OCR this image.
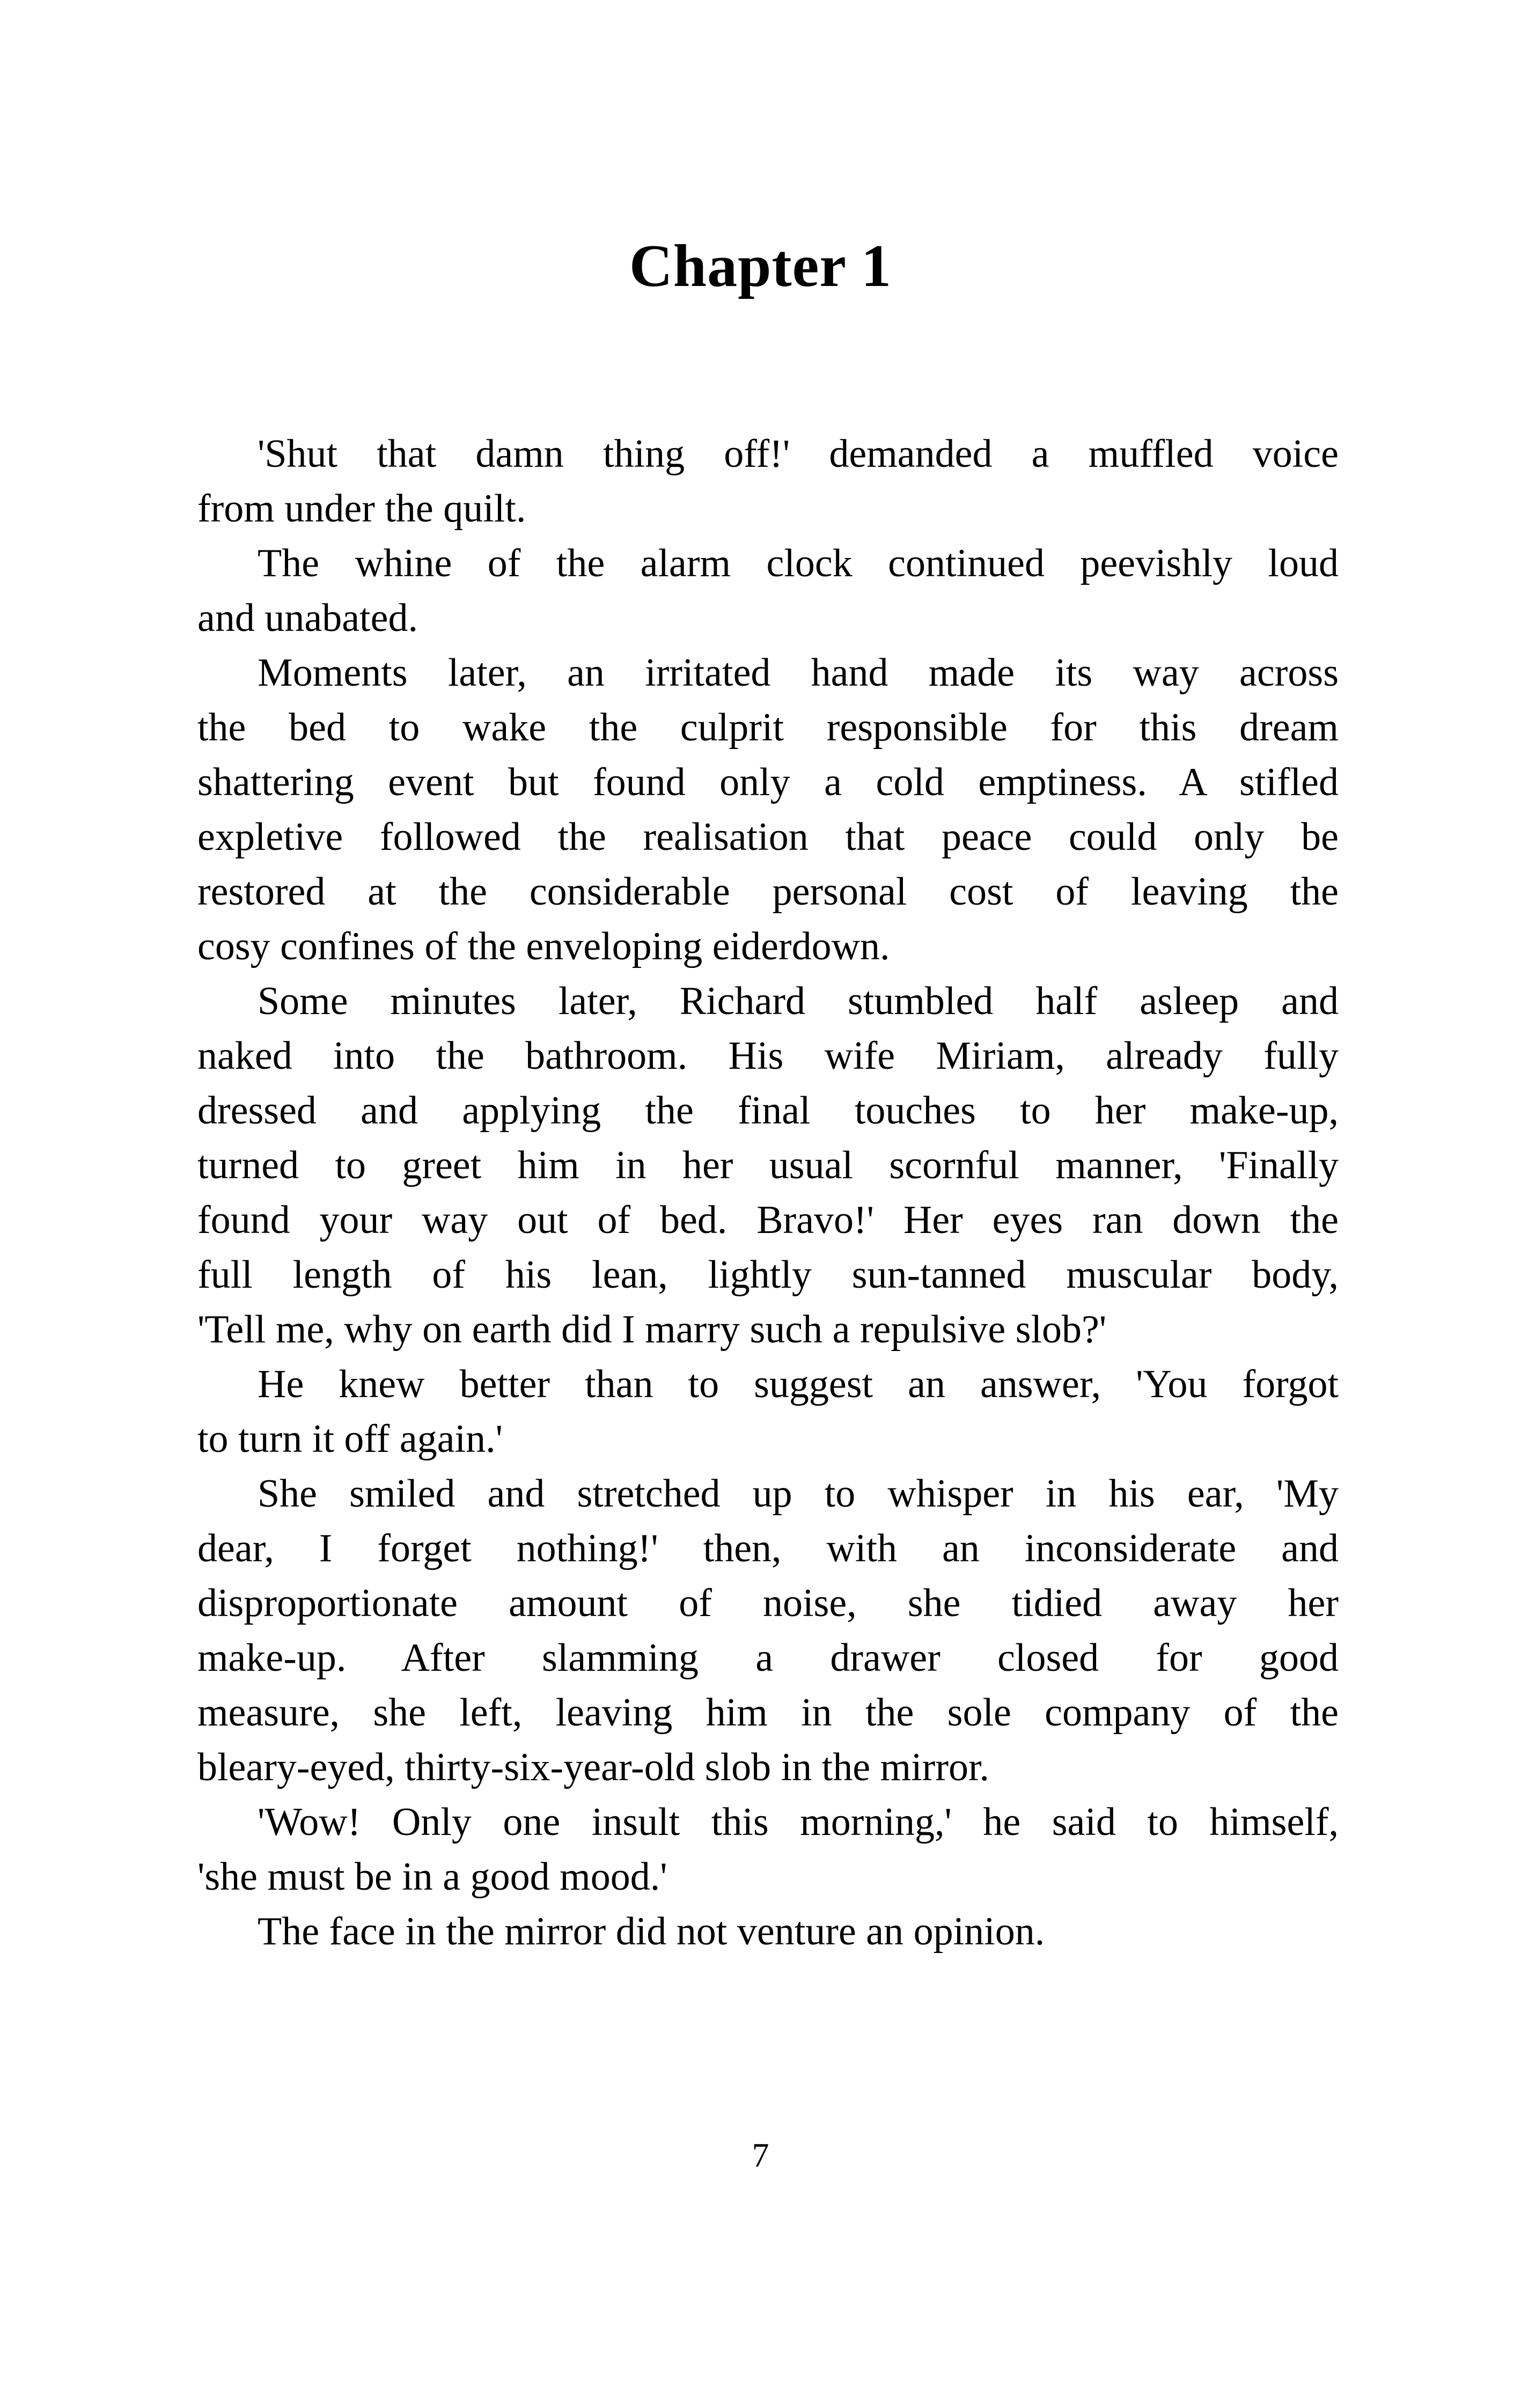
Chapter 1
'Shut that damn thing off!' demanded a muffled voice
from under the quilt.
The whine of the alarm clock continued peevishly loud
and unabated.
Moments later, an irritated hand made its way across
the bed to wake the culprit responsible for this dream
shattering event but found only a cold emptiness. A stifled
expletive followed the realisation that peace could only be
restored at the considerable personal cost of leaving the
cosy confines of the enveloping eiderdown.
Some minutes later, Richard stumbled half asleep and
naked into the bathroom. His wife Miriam, already fully
dressed and applying the final touches to her make-up,
turned to greet him in her usual scornful manner, 'Finally
found your way out of bed. Bravo!' Her eyes ran down the
full length of his lean, lightly sun-tanned muscular body,
'Tell me, why on earth did I marry such a repulsive slob?'
He knew better than to suggest an answer, 'You forgot
to turn it off again.'
She smiled and stretched up to whisper in his ear, 'My
dear, I forget nothing!' then, with an inconsiderate and
disproportionate amount of noise, she tidied away her
make-up. After slamming a drawer closed for good
measure, she left, leaving him in the sole company of the
bleary-eyed, thirty-six-year-old slob in the mirror.
'Wow! Only one insult this morning,' he said to himself,
'she must be in a good mood.'
The face in the mirror did not venture an opinion.
7
